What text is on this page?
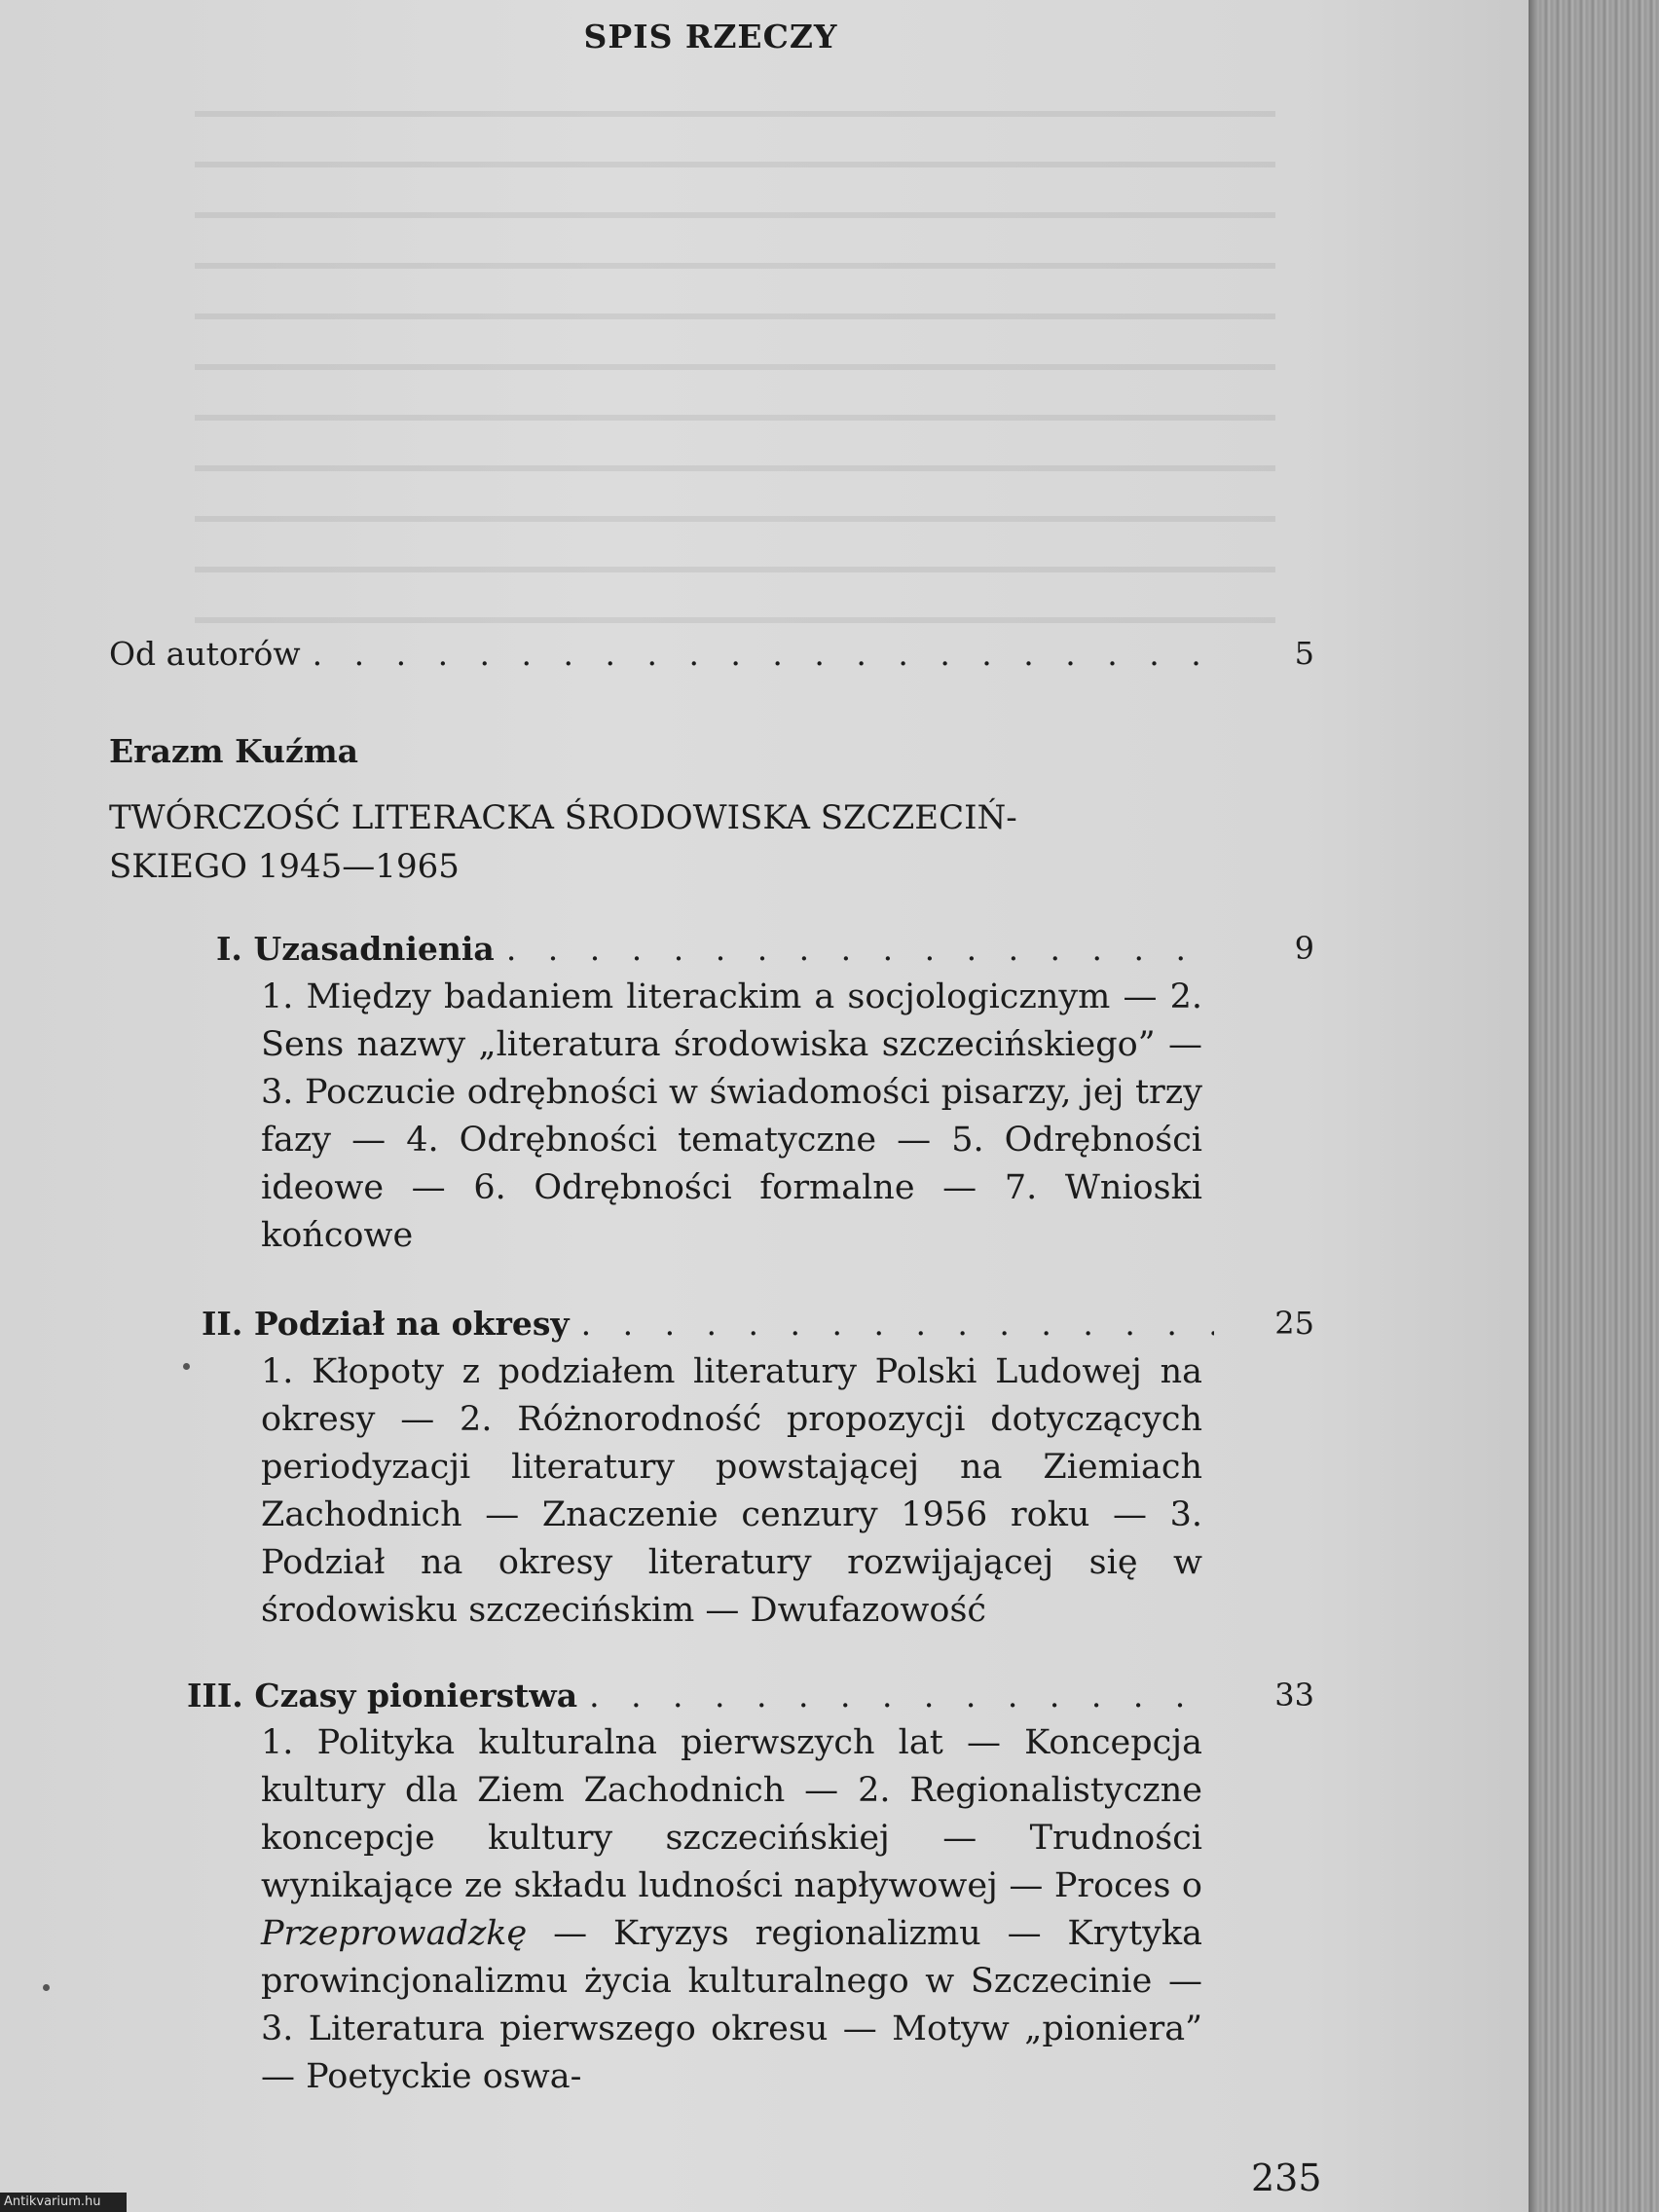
SPIS RZECZY
Od autorów . . .	5
Erazm Kuźma
TWÓRCZOŚĆ LITERACKA ŚRODOWISKA SZCZECIŃ-
SKIEGO 1945—1965
I. Uzasadnienia . . .	9
1. Między badaniem literackim a socjologicznym — 2. Sens nazwy „literatura środowiska szczecińskiego” — 3. Poczucie odrębności w świadomości pisarzy, jej trzy fazy — 4. Odrębności tematyczne — 5. Odrębności ideowe — 6. Odrębności formalne — 7. Wnioski końcowe
II. Podział na okresy . . .	25
1. Kłopoty z podziałem literatury Polski Ludowej na okresy — 2. Różnorodność propozycji dotyczących periodyzacji literatury powstającej na Ziemiach Zachodnich — Znaczenie cenzury 1956 roku — 3. Podział na okresy literatury rozwijającej się w środowisku szczecińskim — Dwufazowość
III. Czasy pionierstwa . . .	33
1. Polityka kulturalna pierwszych lat — Koncepcja kultury dla Ziem Zachodnich — 2. Regionalistyczne koncepcje kultury szczecińskiej — Trudności wynikające ze składu ludności napływowej — Proces o Przeprowadzkę — Kryzys regionalizmu — Krytyka prowincjonalizmu życia kulturalnego w Szczecinie — 3. Literatura pierwszego okresu — Motyw „pioniera” — Poetyckie oswa-
235
Antikvarium.hu
